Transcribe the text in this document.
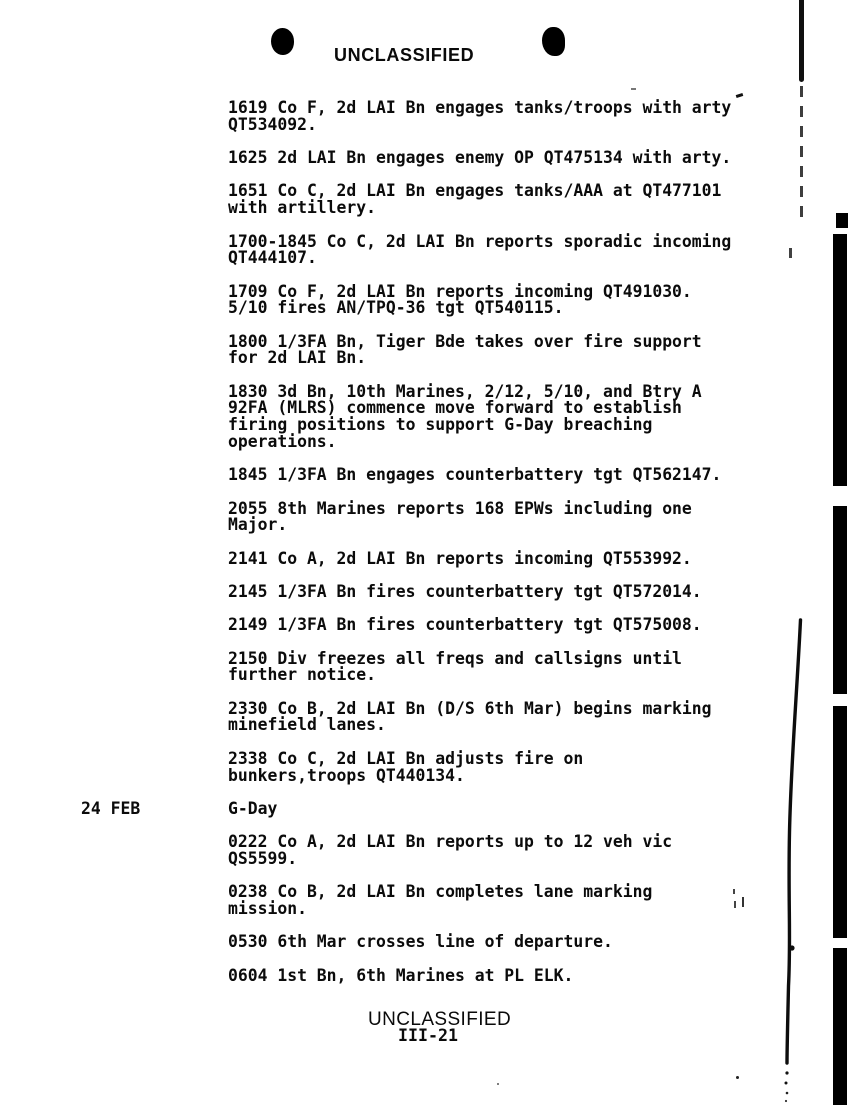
UNCLASSIFIED
1619 Co F, 2d LAI Bn engages tanks/troops with arty
QT534092.
1625 2d LAI Bn engages enemy OP QT475134 with arty.
1651 Co C, 2d LAI Bn engages tanks/AAA at QT477101
with artillery.
1700-1845 Co C, 2d LAI Bn reports sporadic incoming
QT444107.
1709 Co F, 2d LAI Bn reports incoming QT491030.
5/10 fires AN/TPQ-36 tgt QT540115.
1800 1/3FA Bn, Tiger Bde takes over fire support
for 2d LAI Bn.
1830 3d Bn, 10th Marines, 2/12, 5/10, and Btry A
92FA (MLRS) commence move forward to establish
firing positions to support G-Day breaching
operations.
1845 1/3FA Bn engages counterbattery tgt QT562147.
2055 8th Marines reports 168 EPWs including one
Major.
2141 Co A, 2d LAI Bn reports incoming QT553992.
2145 1/3FA Bn fires counterbattery tgt QT572014.
2149 1/3FA Bn fires counterbattery tgt QT575008.
2150 Div freezes all freqs and callsigns until
further notice.
2330 Co B, 2d LAI Bn (D/S 6th Mar) begins marking
minefield lanes.
2338 Co C, 2d LAI Bn adjusts fire on
bunkers,troops QT440134.
24 FEB	G-Day
0222 Co A, 2d LAI Bn reports up to 12 veh vic
QS5599.
0238 Co B, 2d LAI Bn completes lane marking
mission.
0530 6th Mar crosses line of departure.
0604 1st Bn, 6th Marines at PL ELK.
UNCLASSIFIED
III-21
